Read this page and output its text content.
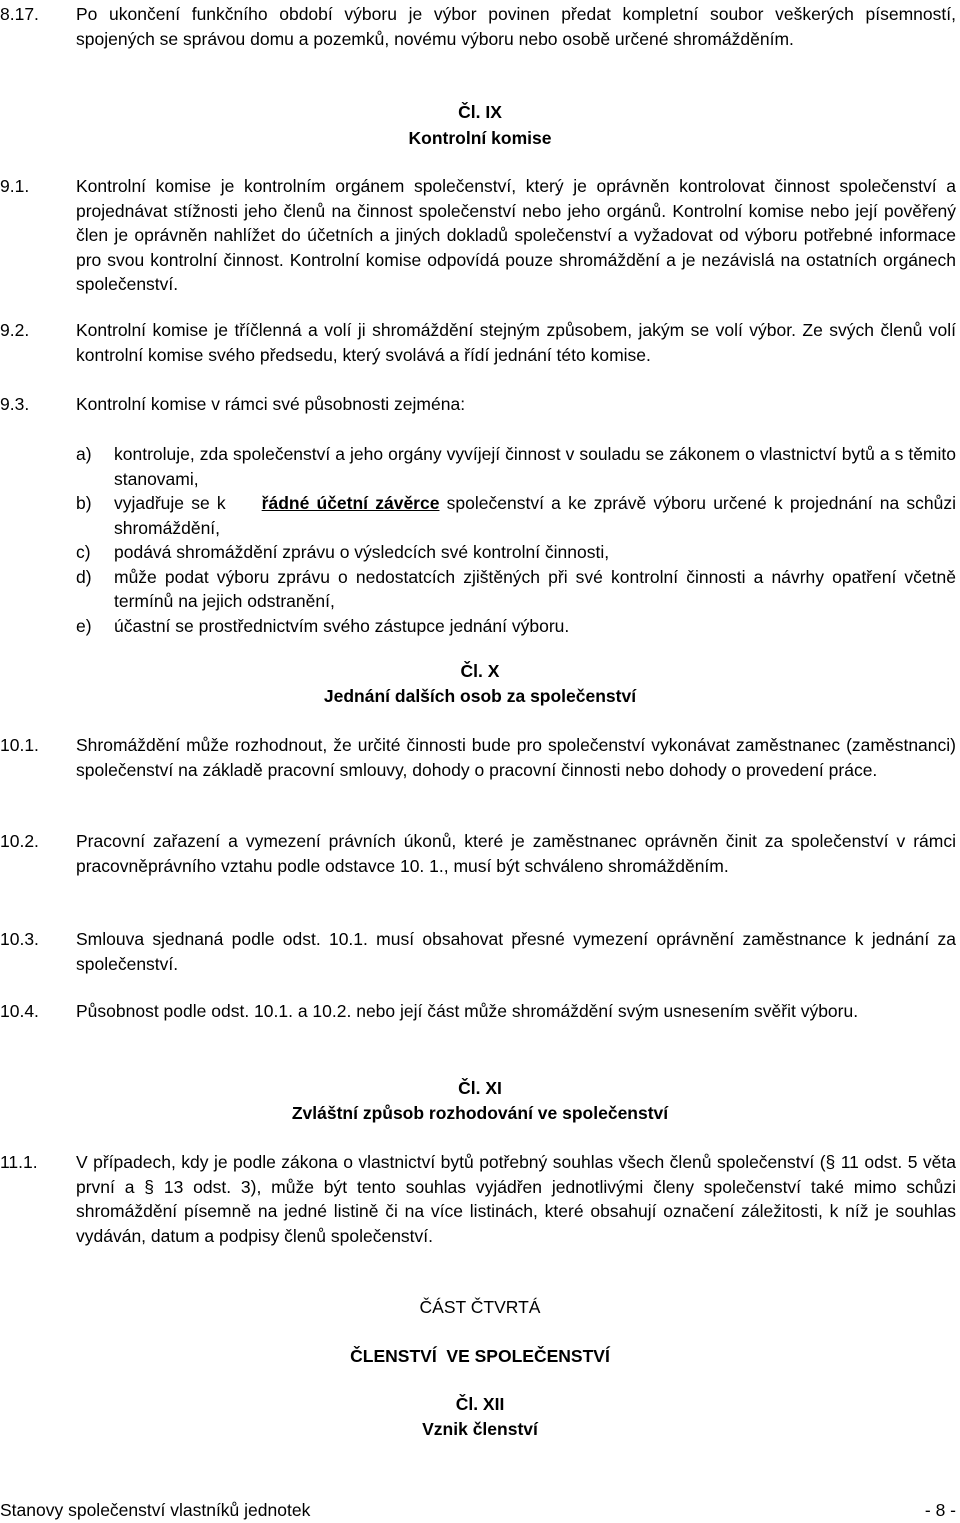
8.17. Po ukončení funkčního období výboru je výbor povinen předat kompletní soubor veškerých písemností, spojených se správou domu a pozemků, novému výboru nebo osobě určené shromážděním.

Čl. IX
Kontrolní komise
9.1.	Kontrolní komise je kontrolním orgánem společenství, který je oprávněn kontrolovat činnost společenství a projednávat stížnosti jeho členů na činnost společenství nebo jeho orgánů. Kontrolní komise nebo její pověřený člen je oprávněn nahlížet do účetních a jiných dokladů společenství a vyžadovat od výboru potřebné informace pro svou kontrolní činnost. Kontrolní komise odpovídá pouze shromáždění a je nezávislá na ostatních orgánech společenství.

9.2.	Kontrolní komise je tříčlenná a volí ji shromáždění stejným způsobem, jakým se volí výbor. Ze svých členů volí kontrolní komise svého předsedu, který svolává a řídí jednání této komise.

9.3.	Kontrolní komise v rámci své působnosti zejména:

a) kontroluje, zda společenství a jeho orgány vyvíjejí činnost v souladu se zákonem o vlastnictví bytů a s těmito stanovami,
b) vyjadřuje se k řádné účetní závěrce společenství a ke zprávě výboru určené k projednání na schůzi shromáždění,
c) podává shromáždění zprávu o výsledcích své kontrolní činnosti,
d) může podat výboru zprávu o nedostatcích zjištěných při své kontrolní činnosti a návrhy opatření včetně termínů na jejich odstranění,
e) účastní se prostřednictvím svého zástupce jednání výboru.
Čl. X
Jednání dalších osob za společenství
10.1. Shromáždění může rozhodnout, že určité činnosti bude pro společenství vykonávat zaměstnanec (zaměstnanci) společenství na základě pracovní smlouvy, dohody o pracovní činnosti nebo dohody o provedení práce.

10.2. Pracovní zařazení a vymezení právních úkonů, které je zaměstnanec oprávněn činit za společenství v rámci pracovněprávního vztahu podle odstavce 10. 1., musí být schváleno shromážděním.

10.3. Smlouva sjednaná podle odst. 10.1. musí obsahovat přesné vymezení oprávnění zaměstnance k jednání za společenství.

10.4. Působnost podle odst. 10.1. a 10.2. nebo její část může shromáždění svým usnesením svěřit výboru.

Čl. XI
Zvláštní způsob rozhodování ve společenství
11.1. V případech, kdy je podle zákona o vlastnictví bytů potřebný souhlas všech členů společenství (§ 11 odst. 5 věta první a § 13 odst. 3), může být tento souhlas vyjádřen jednotlivými členy společenství také mimo schůzi shromáždění písemně na jedné listině či na více listinách, které obsahují označení záležitosti, k níž je souhlas vydáván, datum a podpisy členů společenství.

ČÁST ČTVRTÁ
ČLENSTVÍ  VE SPOLEČENSTVÍ
Čl. XII
Vznik členství
Stanovy společenství vlastníků jednotek	- 8 -
